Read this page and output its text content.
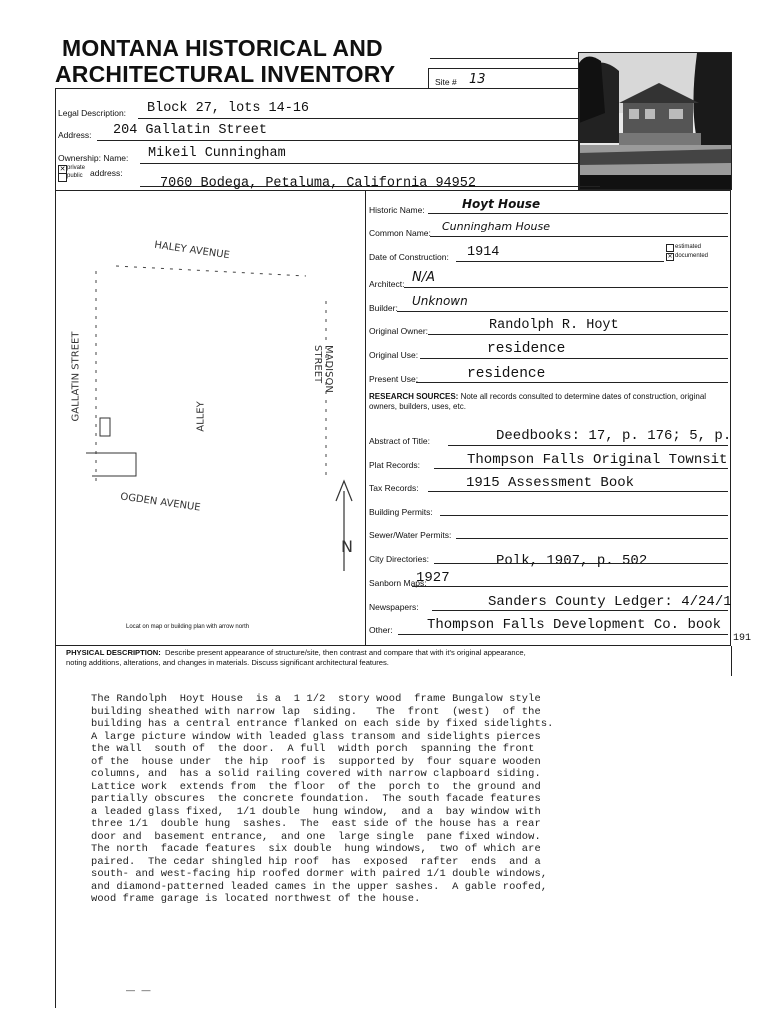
MONTANA HISTORICAL AND
ARCHITECTURAL INVENTORY	Site # 13
Legal Description: Block 27, lots 14-16
Address: 204 Gallatin Street
Ownership: Name: Mikeil Cunningham
✕ private
public address:
7060 Bodega, Petaluma, California 94952
HALEY AVENUE
GALLATIN STREET	MADISON STREET
OGDEN AVENUE
ALLEY
N
Locat on map or building plan with arrow north
Historic Name:	Hoyt House
Common Name: Cunningham House
Date of Construction: 1914	estimated
✕ documented
Architect: N/A
Builder: Unknown
Original Owner:	Randolph R. Hoyt
Original Use:	residence
Present Use:	residence
RESEARCH SOURCES: Note all records consulted to determine dates of construction, original owners, builders, uses, etc.
Abstract of Title:	Deedbooks: 17, p. 176; 5, p.
Plat Records:	Thompson Falls Original Townsit
Tax Records:	1915 Assessment Book
Building Permits:
Sewer/Water Permits:
City Directories:	Polk, 1907, p. 502
Sanborn Maps:
1927
Newspapers:	Sanders County Ledger: 4/24/1
Other: Thompson Falls Development Co. book
191
PHYSICAL DESCRIPTION: Describe present appearance of structure/site, then contrast and compare that with it's original appearance,
noting additions, alterations, and changes in materials. Discuss significant architectural features.
The Randolph  Hoyt House  is a  1 1/2  story wood  frame Bungalow style
building sheathed with narrow lap  siding.   The  front  (west)  of the
building has a central entrance flanked on each side by fixed sidelights.
A large picture window with leaded glass transom and sidelights pierces
the wall  south of  the door.  A full  width porch  spanning the front
of the  house under  the hip  roof is  supported by  four square wooden
columns, and  has a solid railing covered with narrow clapboard siding.
Lattice work  extends from  the floor  of the  porch to  the ground and
partially obscures  the concrete foundation.  The south facade features
a leaded glass fixed,  1/1 double  hung window,  and a  bay window with
three 1/1  double hung  sashes.  The  east side of the house has a rear
door and  basement entrance,  and one  large single  pane fixed window.
The north  facade features  six double  hung windows,  two of which are
paired.  The cedar shingled hip roof  has  exposed  rafter  ends  and a
south- and west-facing hip roofed dormer with paired 1/1 double windows,
and diamond-patterned leaded cames in the upper sashes.  A gable roofed,
wood frame garage is located northwest of the house.
— —
